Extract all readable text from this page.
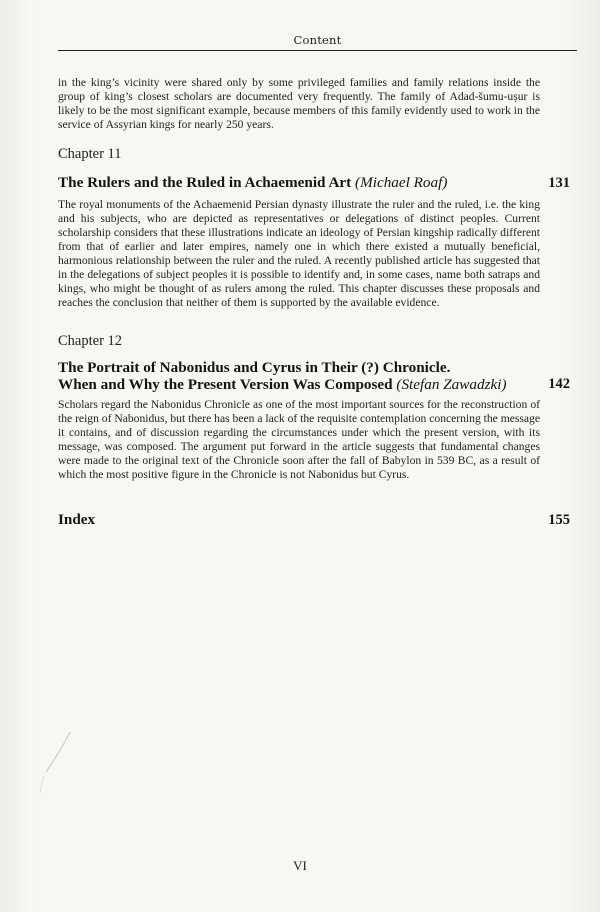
Content
in the king’s vicinity were shared only by some privileged families and family relations inside the group of king’s closest scholars are documented very frequently. The family of Adad-šumu-uṣur is likely to be the most significant example, because members of this family evidently used to work in the service of Assyrian kings for nearly 250 years.
Chapter 11
The Rulers and the Ruled in Achaemenid Art (Michael Roaf)	131
The royal monuments of the Achaemenid Persian dynasty illustrate the ruler and the ruled, i.e. the king and his subjects, who are depicted as representatives or delegations of distinct peoples. Current scholarship considers that these illustrations indicate an ideology of Persian kingship radically different from that of earlier and later empires, namely one in which there existed a mutually beneficial, harmonious relationship between the ruler and the ruled. A recently published article has suggested that in the delegations of subject peoples it is possible to identify and, in some cases, name both satraps and kings, who might be thought of as rulers among the ruled. This chapter discusses these proposals and reaches the conclusion that neither of them is supported by the available evidence.
Chapter 12
The Portrait of Nabonidus and Cyrus in Their (?) Chronicle.
When and Why the Present Version Was Composed (Stefan Zawadzki)	142
Scholars regard the Nabonidus Chronicle as one of the most important sources for the reconstruction of the reign of Nabonidus, but there has been a lack of the requisite contemplation concerning the message it contains, and of discussion regarding the circumstances under which the present version, with its message, was composed. The argument put forward in the article suggests that fundamental changes were made to the original text of the Chronicle soon after the fall of Babylon in 539 BC, as a result of which the most positive figure in the Chronicle is not Nabonidus but Cyrus.
Index	155
VI
